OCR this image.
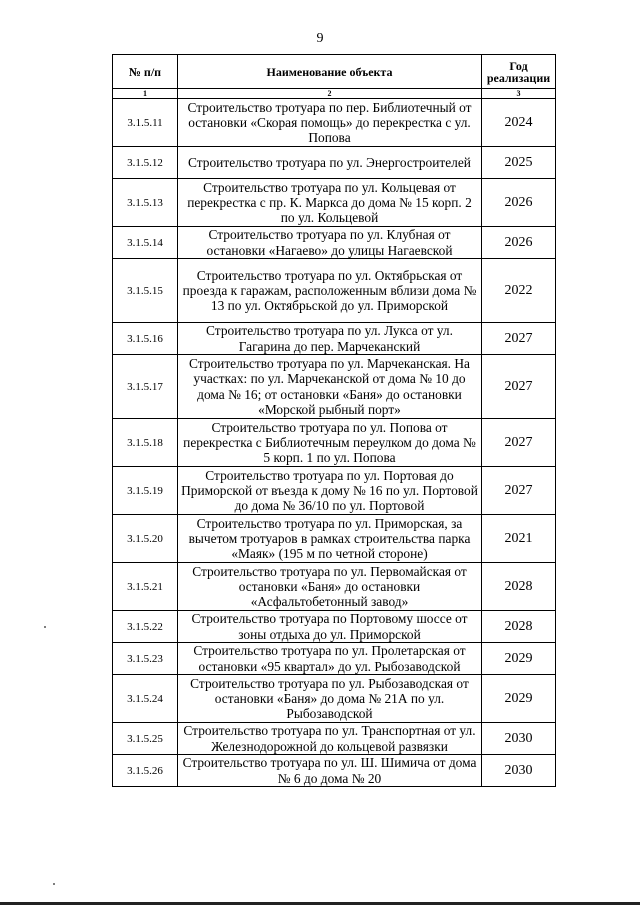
9
№ п/п	Наименование объекта	Год реализации
1	2	3
3.1.5.11	Строительство тротуара по пер. Библиотечный от остановки «Скорая помощь» до перекрестка с ул. Попова	2024
3.1.5.12	Строительство тротуара по ул. Энергостроителей	2025
3.1.5.13	Строительство тротуара по ул. Кольцевая от перекрестка с пр. К. Маркса до дома № 15 корп. 2 по ул. Кольцевой	2026
3.1.5.14	Строительство тротуара по ул. Клубная от остановки «Нагаево» до улицы Нагаевской	2026
3.1.5.15	Строительство тротуара по ул. Октябрьская от проезда к гаражам, расположенным вблизи дома № 13 по ул. Октябрьской до ул. Приморской	2022
3.1.5.16	Строительство тротуара по ул. Лукса от ул. Гагарина до пер. Марчеканский	2027
3.1.5.17	Строительство тротуара по ул. Марчеканская. На участках: по ул. Марчеканской от дома № 10 до дома № 16; от остановки «Баня» до остановки «Морской рыбный порт»	2027
3.1.5.18	Строительство тротуара по ул. Попова от перекрестка с Библиотечным переулком до дома № 5 корп. 1 по ул. Попова	2027
3.1.5.19	Строительство тротуара по ул. Портовая до Приморской от въезда к дому № 16 по ул. Портовой до дома № 36/10 по ул. Портовой	2027
3.1.5.20	Строительство тротуара по ул. Приморская, за вычетом тротуаров в рамках строительства парка «Маяк» (195 м по четной стороне)	2021
3.1.5.21	Строительство тротуара по ул. Первомайская от остановки «Баня» до остановки «Асфальтобетонный завод»	2028
3.1.5.22	Строительство тротуара по Портовому шоссе от зоны отдыха до ул. Приморской	2028
3.1.5.23	Строительство тротуара по ул. Пролетарская от остановки «95 квартал» до ул. Рыбозаводской	2029
3.1.5.24	Строительство тротуара по ул. Рыбозаводская от остановки «Баня» до дома № 21А по ул. Рыбозаводской	2029
3.1.5.25	Строительство тротуара по ул. Транспортная от ул. Железнодорожной до кольцевой развязки	2030
3.1.5.26	Строительство тротуара по ул. Ш. Шимича от дома № 6 до дома № 20	2030
